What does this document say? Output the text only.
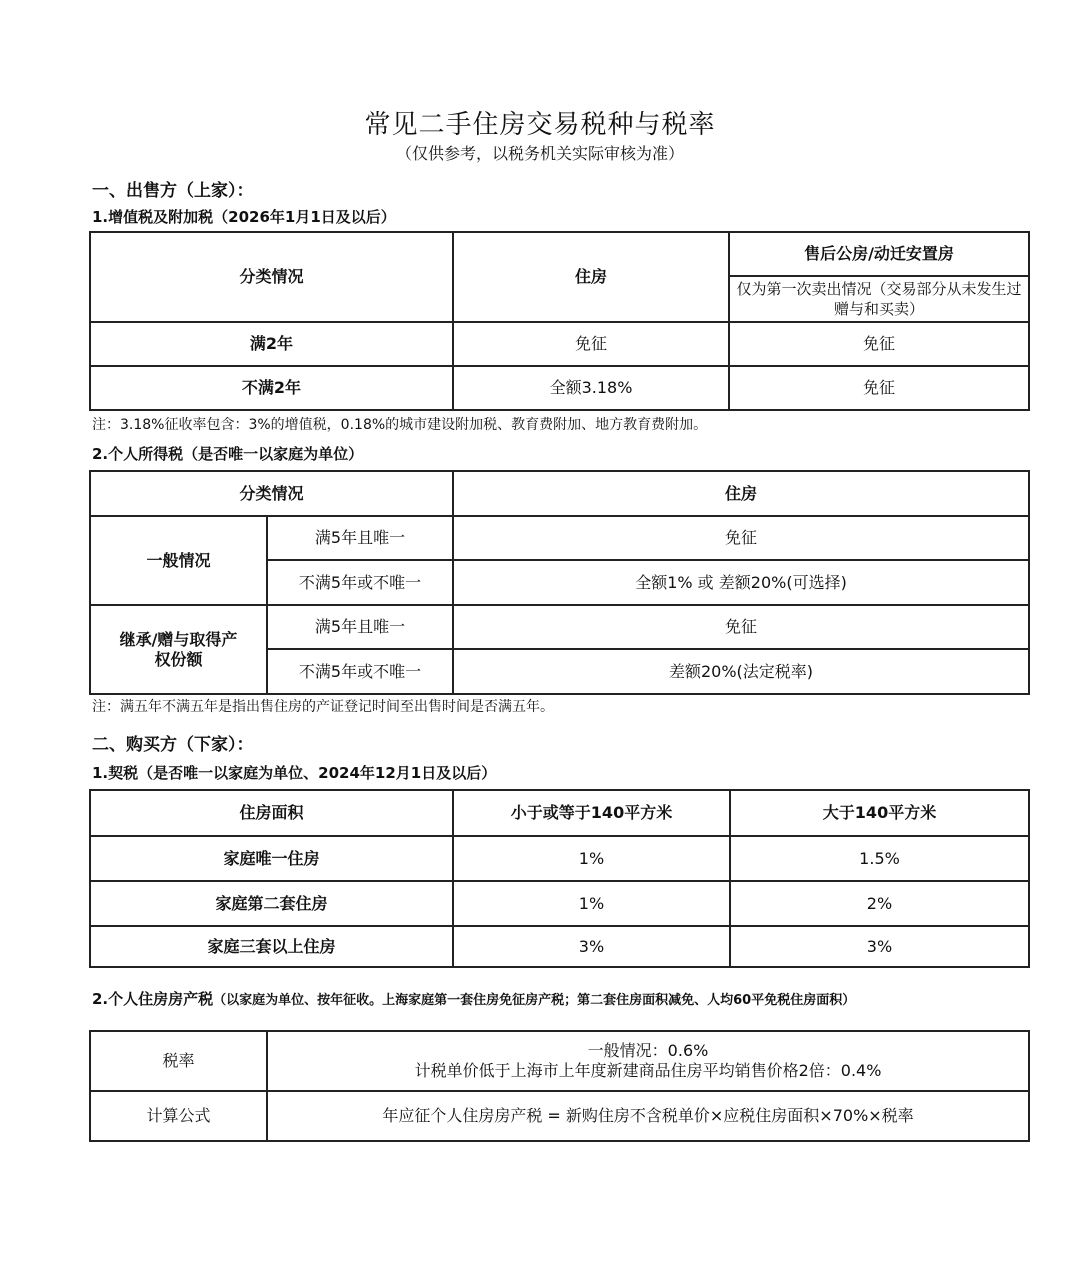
常见二手住房交易税种与税率
（仅供参考，以税务机关实际审核为准）
一、出售方（上家）：
1.增值税及附加税（2026年1月1日及以后）
分类情况	住房	售后公房/动迁安置房
		仅为第一次卖出情况（交易部分从未发生过赠与和买卖）
满2年	免征	免征
不满2年	全额3.18%	免征
注：3.18%征收率包含：3%的增值税，0.18%的城市建设附加税、教育费附加、地方教育费附加。
2.个人所得税（是否唯一以家庭为单位）
分类情况		住房
一般情况	满5年且唯一	免征
	不满5年或不唯一	全额1% 或 差额20%(可选择)
继承/赠与取得产权份额	满5年且唯一	免征
	不满5年或不唯一	差额20%(法定税率)
注：满五年不满五年是指出售住房的产证登记时间至出售时间是否满五年。
二、购买方（下家）：
1.契税（是否唯一以家庭为单位、2024年12月1日及以后）
住房面积	小于或等于140平方米	大于140平方米
家庭唯一住房	1%	1.5%
家庭第二套住房	1%	2%
家庭三套以上住房	3%	3%
2.个人住房房产税（以家庭为单位、按年征收。上海家庭第一套住房免征房产税；第二套住房面积减免、人均60平免税住房面积）
税率	一般情况：0.6%
计税单价低于上海市上年度新建商品住房平均销售价格2倍：0.4%

计算公式	年应征个人住房房产税 = 新购住房不含税单价×应税住房面积×70%×税率
